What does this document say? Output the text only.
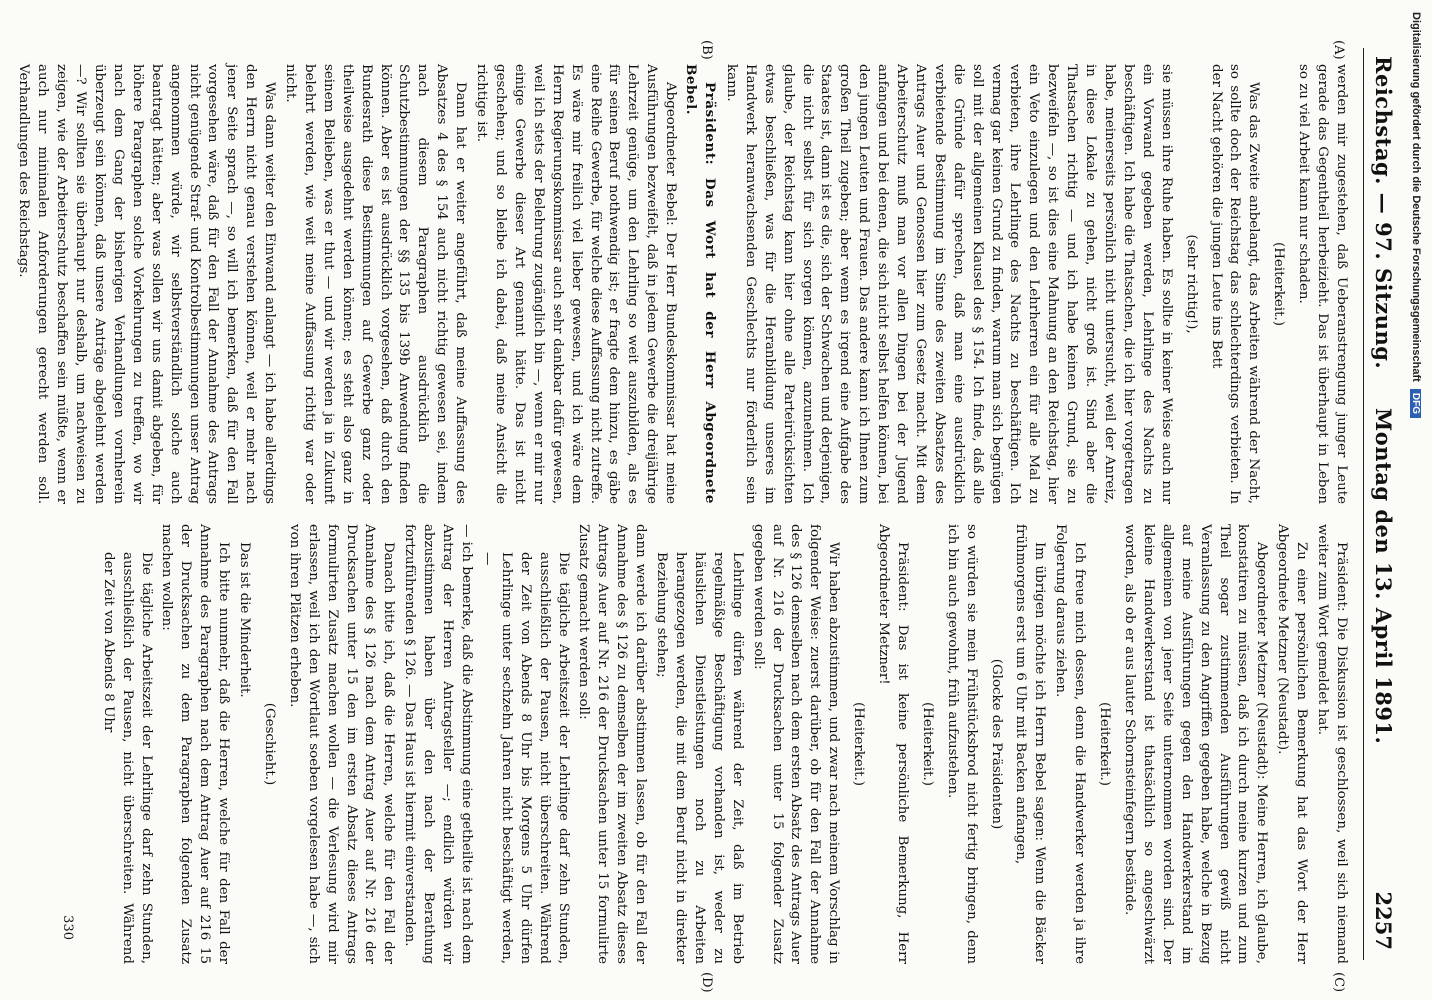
Reichstag. — 97. Sitzung.
Montag den 13. April 1891.
2257
(A)
(B)
(C)
(D)

werden mir zugestehen, daß Ueberanstrengung junger Leute gerade das Gegentheil herbeizieht. Das ist überhaupt in Leben so zu viel Arbeit kann nur schaden.

(Heiterkeit.)

Was das Zweite anbelangt, das Arbeiten während der Nacht, so sollte doch der Reichstag das schlechterdings verbieten. In der Nacht gehören die jungen Leute ins Bett

(sehr richtig!),

sie müssen ihre Ruhe haben. Es sollte in keiner Weise auch nur ein Vorwand gegeben werden, Lehrlinge des Nachts zu beschäftigen. Ich habe die Thatsachen, die ich hier vorgetragen habe, meinerseits persönlich nicht untersucht, weil der Anreiz, in diese Lokale zu gehen, nicht groß ist. Sind aber die Thatsachen richtig — und ich habe keinen Grund, sie zu bezweifeln —, so ist dies eine Mahnung an den Reichstag, hier ein Veto einzulegen und den Lehrherren ein für alle Mal zu verbieten, ihre Lehrlinge des Nachts zu beschäftigen. Ich vermag gar keinen Grund zu finden, warum man sich begnügen soll mit der allgemeinen Klausel des § 154. Ich finde, daß alle die Gründe dafür sprechen, daß man eine ausdrücklich verbietende Bestimmung im Sinne des zweiten Absatzes des Antrags Auer und Genossen hier zum Gesetz macht. Mit dem Arbeiterschutz muß man vor allen Dingen bei der Jugend anfangen und bei denen, die sich nicht selbst helfen können, bei den jungen Leuten und Frauen. Das andere kann ich Ihnen zum großen Theil zugeben; aber wenn es irgend eine Aufgabe des Staates ist, dann ist es die, sich der Schwachen und derjenigen, die nicht selbst für sich sorgen können, anzunehmen. Ich glaube, der Reichstag kann hier ohne alle Parteirücksichten etwas beschließen, was für die Heranbildung unseres im Handwerk heranwachsenden Geschlechts nur förderlich sein kann.

Präsident: Das Wort hat der Herr Abgeordnete Bebel.

Abgeordneter Bebel: Der Herr Bundeskommissar hat meine Ausführungen bezweifelt, daß in jedem Gewerbe die dreijährige Lehrzeit genüge, um den Lehrling so weit auszubilden, als es für seinen Beruf nothwendig ist; er fragte dem hinzu, es gäbe eine Reihe Gewerbe, für welche diese Auffassung nicht zutreffe. Es wäre mir freilich viel lieber gewesen, und ich wäre dem Herrn Regierungskommissar auch sehr dankbar dafür gewesen, weil ich stets der Belehrung zugänglich bin —, wenn er mir nur einige Gewerbe dieser Art genannt hätte. Das ist nicht geschehen; und so bleibe ich dabei, daß meine Ansicht die richtige ist.

Dann hat er weiter angeführt, daß meine Auffassung des Absatzes 4 des § 154 auch nicht richtig gewesen sei, indem nach diesem Paragraphen ausdrücklich die Schutzbestimmungen der §§ 135 bis 139b Anwendung finden können. Aber es ist ausdrücklich vorgesehen, daß durch den Bundesrath diese Bestimmungen auf Gewerbe ganz oder theilweise ausgedehnt werden können; es steht also ganz in seinem Belieben, was er thut — und wir werden ja in Zukunft belehrt werden, wie weit meine Auffassung richtig war oder nicht.

Was dann weiter den Einwand anlangt — ich habe allerdings den Herrn nicht genau verstehen können, weil er mehr nach jener Seite sprach —, so will ich bemerken, daß für den Fall vorgesehen wäre, daß für den Fall der Annahme des Antrags nicht genügende Straf- und Kontrolbestimmungen unser Antrag angenommen würde, wir selbstverständlich solche auch beantragt hätten; aber was sollen wir uns damit abgeben, für höhere Paragraphen solche Vorkehrungen zu treffen, wo wir nach dem Gang der bisherigen Verhandlungen vornherein überzeugt sein können, daß unsere Anträge abgelehnt werden —? Wir sollten sie überhaupt nur deshalb, um nachweisen zu zeigen, wie der Arbeiterschutz beschaffen sein müßte, wenn er auch nur minimalen Anforderungen gerecht werden soll. Verhandlungen des Reichstags.

Präsident: Die Diskussion ist geschlossen, weil sich niemand weiter zum Wort gemeldet hat.

Zu einer persönlichen Bemerkung hat das Wort der Herr Abgeordnete Metzner (Neustadt).

Abgeordneter Metzner (Neustadt): Meine Herren, ich glaube, konstatiren zu müssen, daß ich durch meine kurzen und zum Theil sogar zustimmenden Ausführungen gewiß nicht Veranlassung zu den Angriffen gegeben habe, welche in Bezug auf meine Ausführungen gegen den Handwerkerstand im allgemeinen von jener Seite unternommen worden sind. Der kleine Handwerkerstand ist thatsächlich so angeschwärzt worden, als ob er aus lauter Schornsteinfegern bestände.

(Heiterkeit.)

Ich freue mich dessen, denn die Handwerker werden ja ihre Folgerung daraus ziehen.

Im übrigen möchte ich Herrn Bebel sagen: Wenn die Bäcker frühmorgens erst um 6 Uhr mit Backen anfangen,

(Glocke des Präsidenten)

so würden sie mein Frühstücksbrod nicht fertig bringen, denn ich bin auch gewohnt, früh aufzustehen.

(Heiterkeit.)

Präsident: Das ist keine persönliche Bemerkung, Herr Abgeordneter Metzner!

(Heiterkeit.)

Wir haben abzustimmen, und zwar nach meinem Vorschlag in folgender Weise: zuerst darüber, ob für den Fall der Annahme des § 126 demselben nach dem ersten Absatz des Antrags Auer auf Nr. 216 der Drucksachen unter 15 folgender Zusatz gegeben werden soll:

Lehrlinge dürfen während der Zeit, daß im Betrieb regelmäßige Beschäftigung vorhanden ist, weder zu häuslichen Dienstleistungen noch zu Arbeiten herangezogen werden, die mit dem Beruf nicht in direkter Beziehung stehen;

dann werde ich darüber abstimmen lassen, ob für den Fall der Annahme des § 126 zu demselben der im zweiten Absatz dieses Antrags Auer auf Nr. 216 der Drucksachen unter 15 formulirte Zusatz gemacht werden soll:

Die tägliche Arbeitszeit der Lehrlinge darf zehn Stunden, ausschließlich der Pausen, nicht überschreiten. Während der Zeit von Abends 8 Uhr bis Morgens 5 Uhr dürfen Lehrlinge unter sechzehn Jahren nicht beschäftigt werden, —

— ich bemerke, daß die Abstimmung eine getheilte ist nach dem Antrag der Herren Antragsteller —; endlich würden wir abzustimmen haben über den nach der Berathung fortzuführenden § 126. — Das Haus ist hiermit einverstanden.

Danach bitte ich, daß die Herren, welche für den Fall der Annahme des § 126 nach dem Antrag Auer auf Nr. 216 der Drucksachen unter 15 den im ersten Absatz dieses Antrags formulirten Zusatz machen wollen — die Verlesung wird mir erlassen, weil ich den Wortlaut soeben vorgelesen habe —, sich von ihren Plätzen erheben.

(Geschieht.)

Das ist die Minderheit.

Ich bitte nunmehr, daß die Herren, welche für den Fall der Annahme des Paragraphen nach dem Antrag Auer auf 216 15 der Drucksachen zu dem Paragraphen folgenden Zusatz machen wollen:

Die tägliche Arbeitszeit der Lehrlinge darf zehn Stunden, ausschließlich der Pausen, nicht überschreiten. Während der Zeit von Abends 8 Uhr

330
Digitalisierung gefördert durch die Deutsche Forschungsgemeinschaft DFG
